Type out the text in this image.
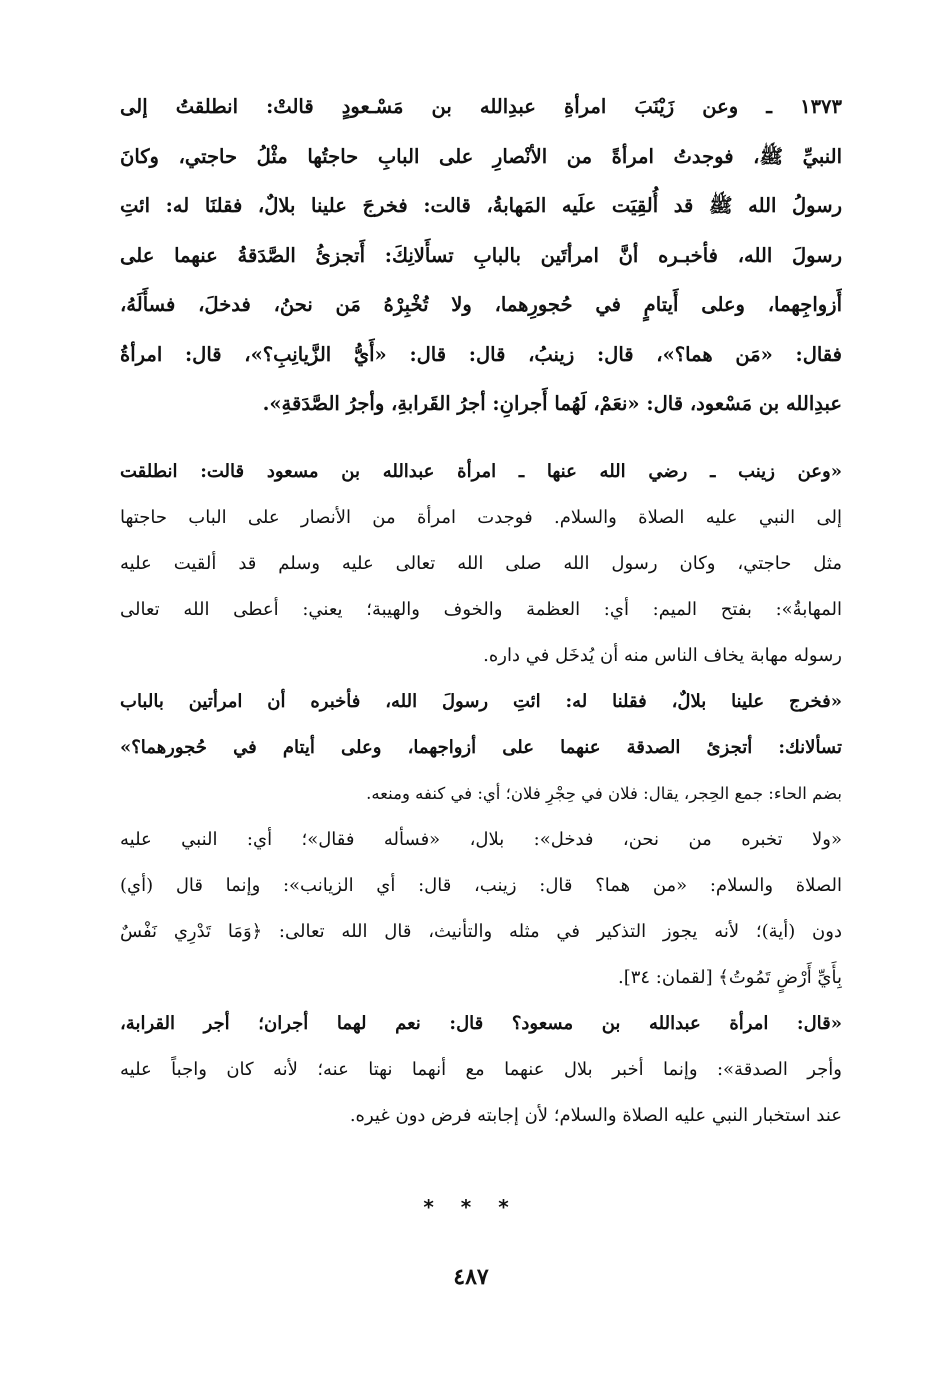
١٣٧٣ ـ وعن زَيْنَبَ امرأةِ عبدِالله بن مَسْـعودٍ قالتْ: انطلقتُ إلى
النبيِّ ﷺ، فوجدتُ امرأةً من الأنْصارِ على البابِ حاجتُها مثْلُ حاجتي، وكانَ
رسولُ الله ﷺ قد أُلقِيَت علَيه المَهابةُ، قالت: فخرجَ علينا بلالٌ، فقلنَا له: ائتِ
رسولَ الله، فأخبـره أنَّ امرأتَين بالبابِ تسأَلانِكَ: أَتجزئُ الصَّدَقةُ عنهما على
أَزواجِهما، وعلى أَيتامٍ في حُجورِهما، ولا تُخْبِرْهُ مَن نحنُ، فدخلَ، فسأَلَهُ،
فقال: «مَن هما؟»، قال: زينبُ، قال: قال: «أَيُّ الزَّيانِبِ؟»، قال: امرأةُ
عبدِالله بن مَسْعود، قال: «نعَمْ، لَهُما أَجرانِ: أجرُ القَرابةِ، وأجرُ الصَّدَقةِ».
«وعن زينب ـ رضي الله عنها ـ امرأة عبدالله بن مسعود قالت: انطلقت
إلى النبي عليه الصلاة والسلام. فوجدت امرأة من الأنصار على الباب حاجتها
مثل حاجتي، وكان رسول الله صلى الله تعالى عليه وسلم قد ألقيت عليه
المهابةُ»: بفتح الميم: أي: العظمة والخوف والهيبة؛ يعني: أعطى الله تعالى
رسوله مهابة يخاف الناس منه أن يُدخَل في داره.
«فخرج علينا بلالٌ، فقلنا له: ائتِ رسولَ الله، فأخبره أن امرأتين بالباب
تسألانك: أتجزئ الصدقة عنهما على أزواجهما، وعلى أيتام في حُجورهما؟»
بضم الحاء: جمع الحِجر، يقال: فلان في حِجْرِ فلان؛ أي: في كنفه ومنعه.
«ولا تخبره من نحن، فدخل»: بلال، «فسأله فقال»؛ أي: النبي عليه
الصلاة والسلام: «من هما؟ قال: زينب، قال: أي الزيانب»: وإنما قال (أي)
دون (أية)؛ لأنه يجوز التذكير في مثله والتأنيث، قال الله تعالى: ﴿وَمَا تَدْرِي نَفْسٌ
بِأَيِّ أَرْضٍ تَمُوتُ﴾ [لقمان: ٣٤].
«قال: امرأة عبدالله بن مسعود؟ قال: نعم لهما أجران؛ أجر القرابة،
وأجر الصدقة»: وإنما أخبر بلال عنهما مع أنهما نهتا عنه؛ لأنه كان واجباً عليه
عند استخبار النبي عليه الصلاة والسلام؛ لأن إجابته فرض دون غيره.
* * *
٤٨٧
